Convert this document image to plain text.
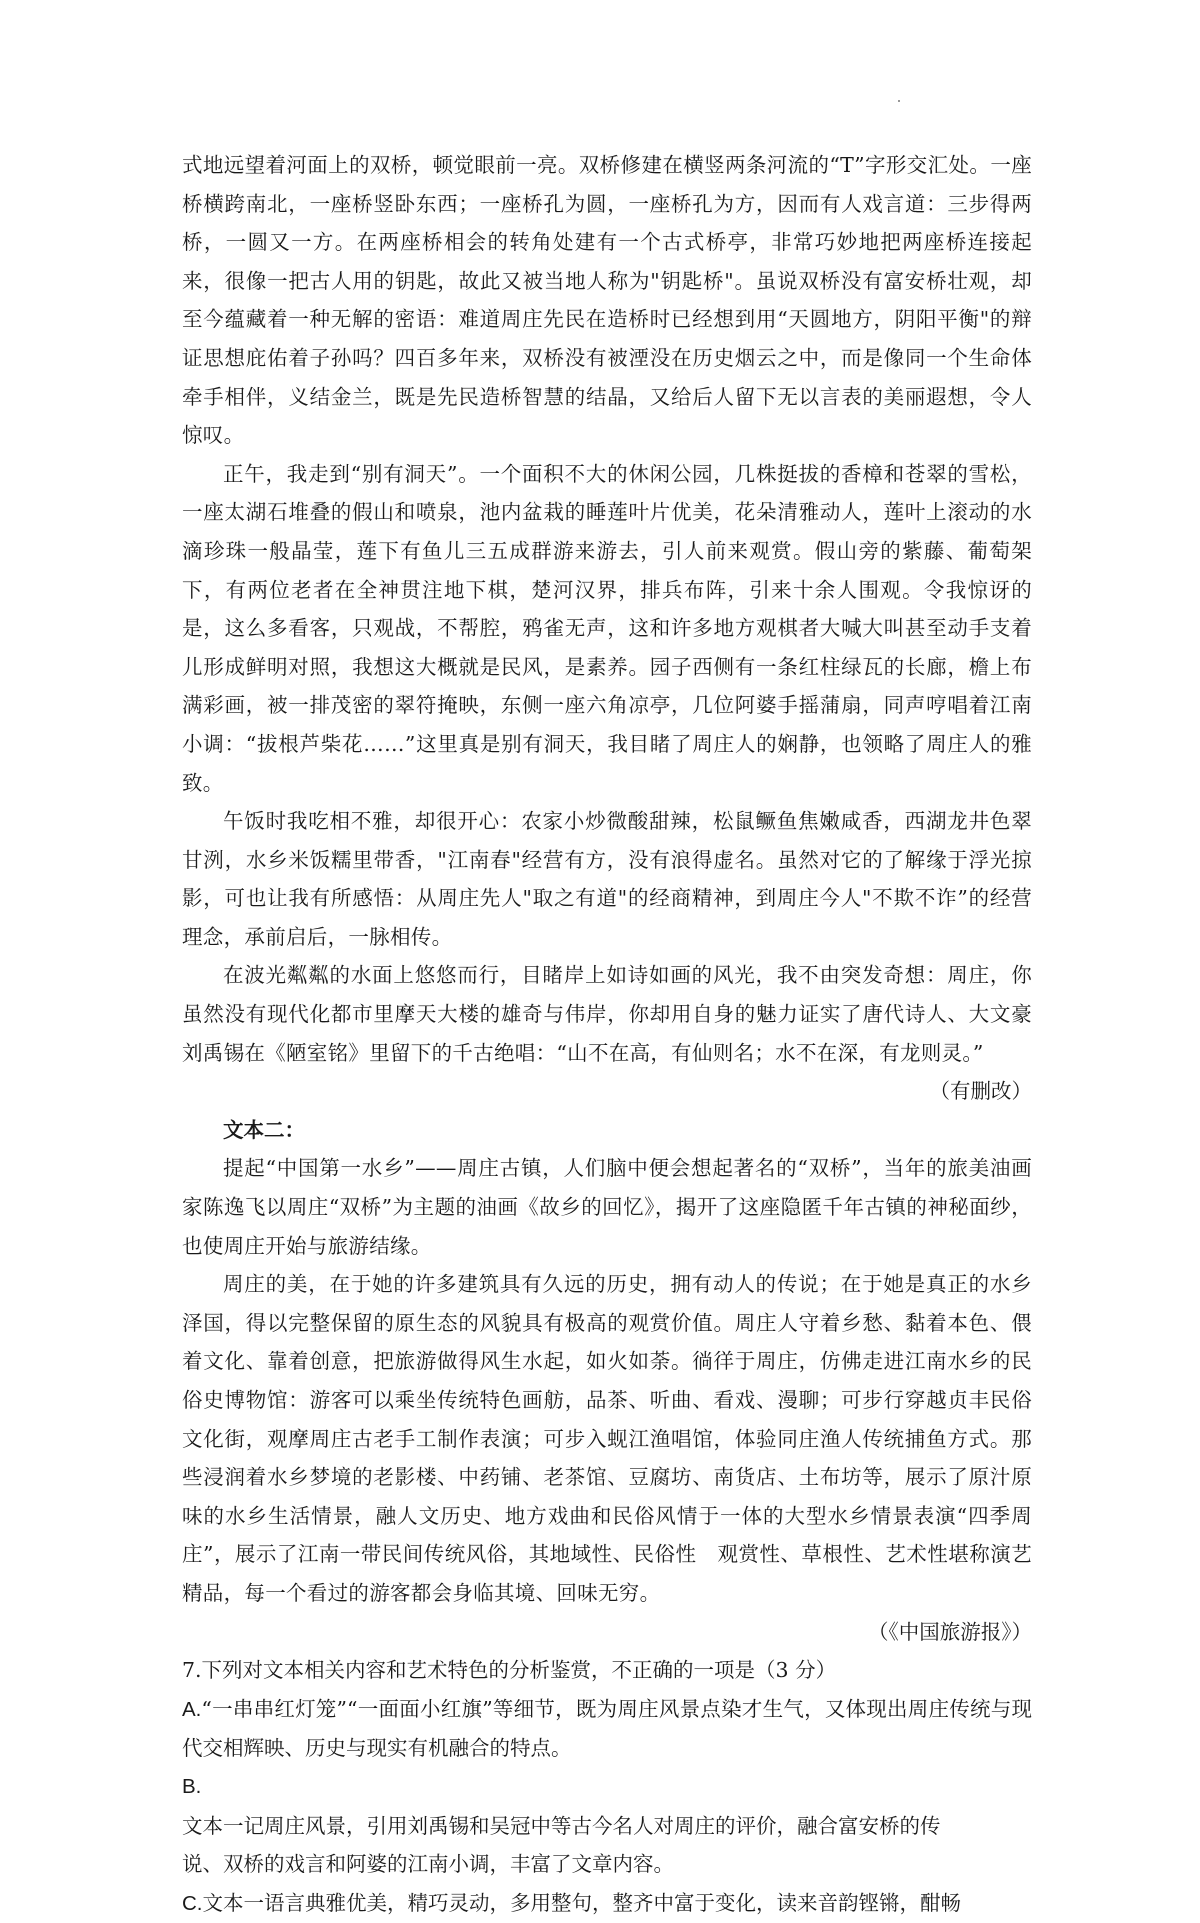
式地远望着河面上的双桥，顿觉眼前一亮。双桥修建在横竖两条河流的“T”字形交汇处。一座桥横跨南北，一座桥竖卧东西；一座桥孔为圆，一座桥孔为方，因而有人戏言道：三步得两桥，一圆又一方。在两座桥相会的转角处建有一个古式桥亭，非常巧妙地把两座桥连接起来，很像一把古人用的钥匙，故此又被当地人称为"钥匙桥"。虽说双桥没有富安桥壮观，却至今蕴藏着一种无解的密语：难道周庄先民在造桥时已经想到用“天圆地方，阴阳平衡"的辩证思想庇佑着子孙吗？四百多年来，双桥没有被湮没在历史烟云之中，而是像同一个生命体牵手相伴，义结金兰，既是先民造桥智慧的结晶，又给后人留下无以言表的美丽遐想，令人惊叹。

正午，我走到“别有洞天”。一个面积不大的休闲公园，几株挺拔的香樟和苍翠的雪松，一座太湖石堆叠的假山和喷泉，池内盆栽的睡莲叶片优美，花朵清雅动人，莲叶上滚动的水滴珍珠一般晶莹，莲下有鱼儿三五成群游来游去，引人前来观赏。假山旁的紫藤、葡萄架下，有两位老者在全神贯注地下棋，楚河汉界，排兵布阵，引来十余人围观。令我惊讶的是，这么多看客，只观战，不帮腔，鸦雀无声，这和许多地方观棋者大喊大叫甚至动手支着儿形成鲜明对照，我想这大概就是民风，是素养。园子西侧有一条红柱绿瓦的长廊，檐上布满彩画，被一排茂密的翠符掩映，东侧一座六角凉亭，几位阿婆手摇蒲扇，同声哼唱着江南小调：“拔根芦柴花……”这里真是别有洞天，我目睹了周庄人的娴静，也领略了周庄人的雅致。

午饭时我吃相不雅，却很开心：农家小炒微酸甜辣，松鼠鳜鱼焦嫩咸香，西湖龙井色翠甘洌，水乡米饭糯里带香，"江南春"经营有方，没有浪得虚名。虽然对它的了解缘于浮光掠影，可也让我有所感悟：从周庄先人"取之有道"的经商精神，到周庄今人"不欺不诈”的经营理念，承前启后，一脉相传。

在波光粼粼的水面上悠悠而行，目睹岸上如诗如画的风光，我不由突发奇想：周庄，你虽然没有现代化都市里摩天大楼的雄奇与伟岸，你却用自身的魅力证实了唐代诗人、大文豪刘禹锡在《陋室铭》里留下的千古绝唱：“山不在高，有仙则名；水不在深，有龙则灵。”

（有删改）

文本二：

提起“中国第一水乡”——周庄古镇，人们脑中便会想起著名的“双桥”，当年的旅美油画家陈逸飞以周庄“双桥”为主题的油画《故乡的回忆》，揭开了这座隐匿千年古镇的神秘面纱，也使周庄开始与旅游结缘。

周庄的美，在于她的许多建筑具有久远的历史，拥有动人的传说；在于她是真正的水乡泽国，得以完整保留的原生态的风貌具有极高的观赏价值。周庄人守着乡愁、黏着本色、偎着文化、靠着创意，把旅游做得风生水起，如火如荼。徜徉于周庄，仿佛走进江南水乡的民俗史博物馆：游客可以乘坐传统特色画舫，品茶、听曲、看戏、漫聊；可步行穿越贞丰民俗文化街，观摩周庄古老手工制作表演；可步入蚬江渔唱馆，体验同庄渔人传统捕鱼方式。那些浸润着水乡梦境的老影楼、中药铺、老茶馆、豆腐坊、南货店、土布坊等，展示了原汁原味的水乡生活情景，融人文历史、地方戏曲和民俗风情于一体的大型水乡情景表演“四季周庄”，展示了江南一带民间传统风俗，其地域性、民俗性　观赏性、草根性、艺术性堪称演艺精品，每一个看过的游客都会身临其境、回味无穷。

（《中国旅游报》）

7.下列对文本相关内容和艺术特色的分析鉴赏，不正确的一项是（3 分）

A.“一串串红灯笼”“一面面小红旗”等细节，既为周庄风景点染才生气，又体现出周庄传统与现代交相辉映、历史与现实有机融合的特点。

B.
文本一记周庄风景，引用刘禹锡和吴冠中等古今名人对周庄的评价，融合富安桥的传
说、双桥的戏言和阿婆的江南小调，丰富了文章内容。

C.文本一语言典雅优美，精巧灵动，多用整句，整齐中富于变化，读来音韵铿锵，酣畅
